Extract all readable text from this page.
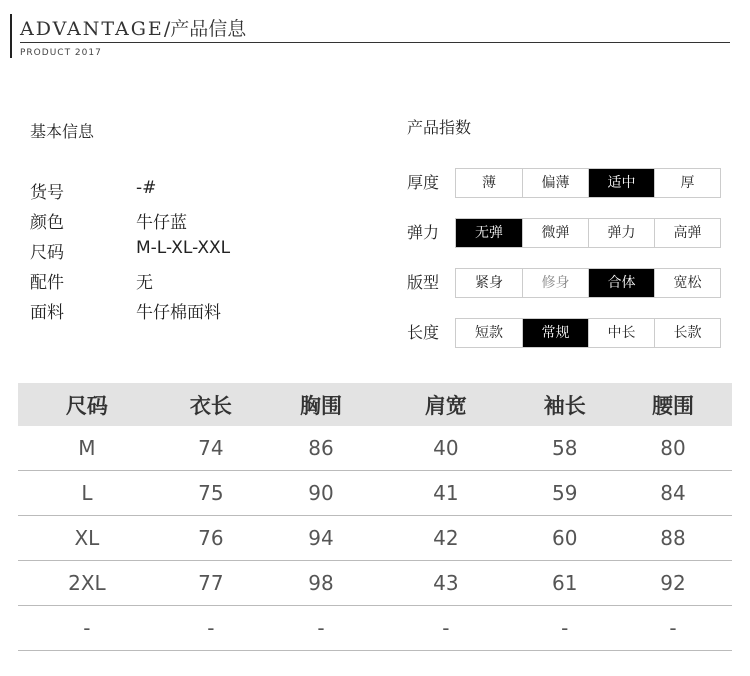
ADVANTAGE/产品信息
PRODUCT 2017
基本信息
货号	-#
颜色	牛仔蓝
尺码	M-L-XL-XXL
配件	无
面料	牛仔棉面料
产品指数
厚度	薄	偏薄	适中	厚
弹力	无弹	微弹	弹力	高弹
版型	紧身	修身	合体	宽松
长度	短款	常规	中长	长款
尺码	衣长	胸围	肩宽	袖长	腰围
M	74	86	40	58	80
L	75	90	41	59	84
XL	76	94	42	60	88
2XL	77	98	43	61	92
-	-	-	-	-	-
